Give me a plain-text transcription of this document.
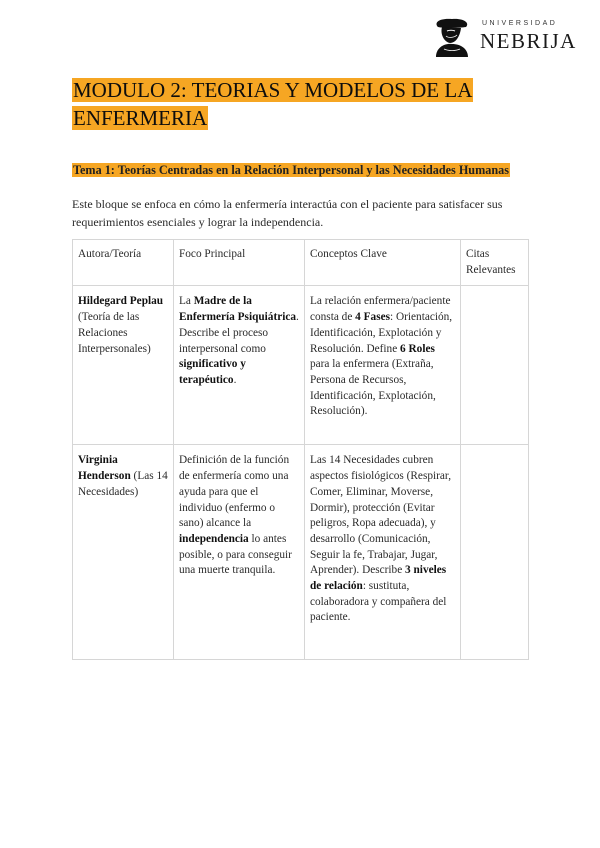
UNIVERSIDAD
NEBRIJA
MODULO 2: TEORIAS Y MODELOS DE LA ENFERMERIA
Tema 1: Teorías Centradas en la Relación Interpersonal y las Necesidades Humanas

Este bloque se enfoca en cómo la enfermería interactúa con el paciente para satisfacer sus requerimientos esenciales y lograr la independencia.

Autora/Teoría	Foco Principal	Conceptos Clave	Citas Relevantes
Hildegard Peplau (Teoría de las Relaciones Interpersonales)	La Madre de la Enfermería Psiquiátrica. Describe el proceso interpersonal como significativo y terapéutico.	La relación enfermera/paciente consta de 4 Fases: Orientación, Identificación, Explotación y Resolución. Define 6 Roles para la enfermera (Extraña, Persona de Recursos, Identificación, Explotación, Resolución).	
Virginia Henderson (Las 14 Necesidades)	Definición de la función de enfermería como una ayuda para que el individuo (enfermo o sano) alcance la independencia lo antes posible, o para conseguir una muerte tranquila.	Las 14 Necesidades cubren aspectos fisiológicos (Respirar, Comer, Eliminar, Moverse, Dormir), protección (Evitar peligros, Ropa adecuada), y desarrollo (Comunicación, Seguir la fe, Trabajar, Jugar, Aprender). Describe 3 niveles de relación: sustituta, colaboradora y compañera del paciente.	
